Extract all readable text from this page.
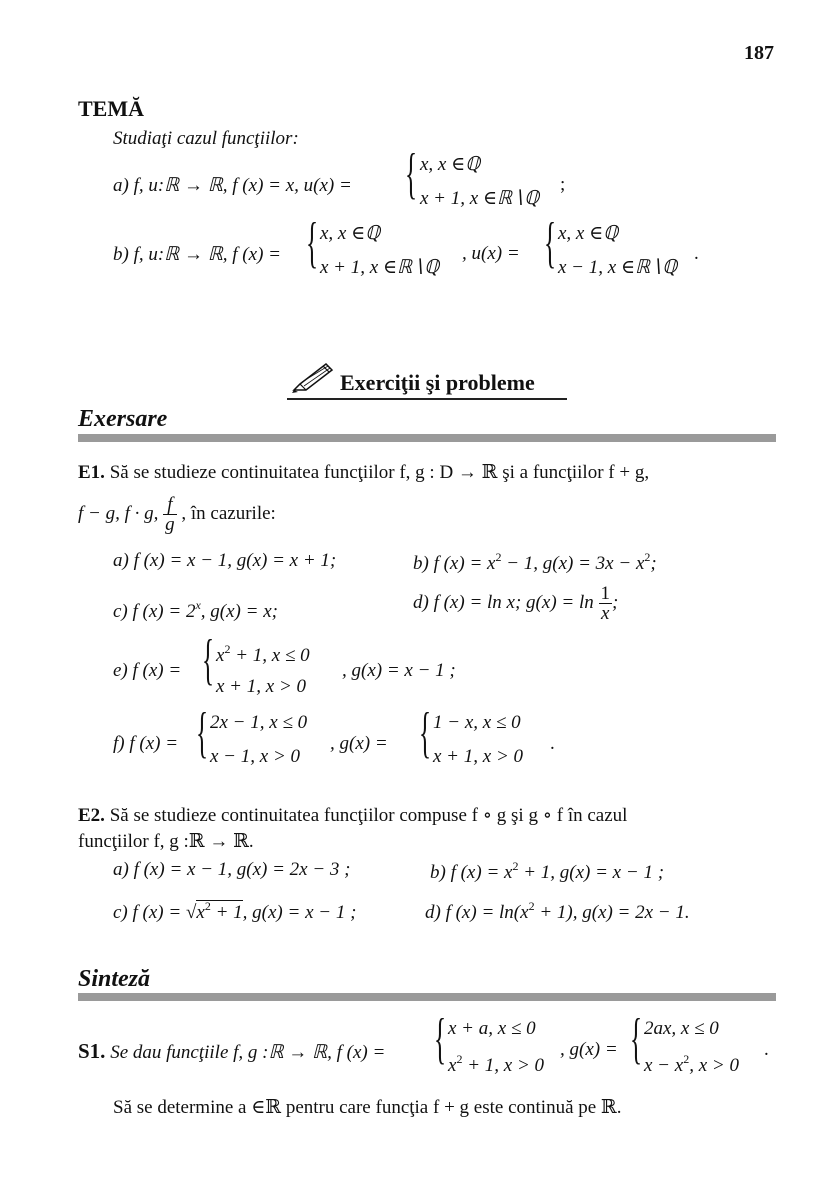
187
TEMĂ
Studiaţi cazul funcţiilor:
a) f, u:ℝ → ℝ, f (x) = x, u(x) = { x, x ∈ℚ
x + 1, x ∈ℝ∖ℚ
;
b) f, u:ℝ → ℝ, f (x) = { x, x ∈ℚ
x + 1, x ∈ℝ∖ℚ
, u(x) = { x, x ∈ℚ
x − 1, x ∈ℝ∖ℚ
.
Exerciţii şi probleme
Exersare
E1. Să se studieze continuitatea funcţiilor f, g : D → ℝ şi a funcţiilor f + g,
f − g, f · g, $\frac{f}{g}$ , în cazurile:
a) f (x) = x − 1, g(x) = x + 1;	b) f $(x) = x^2 - 1$, $g(x) = 3x - x^2$;
c) f $(x) = 2^x$, g(x) = x;	d) f (x) = ln x; $g(x) = \ln \frac{1}{x}$ ;
e) f (x) = { $x^2 + 1$, x ≤ 0
x + 1, x > 0
, g(x) = x − 1 ;
f) f (x) = { 2x − 1, x ≤ 0
x − 1, x > 0
, g(x) = { 1 − x, x ≤ 0
x + 1, x > 0
.
E2. Să se studieze continuitatea funcţiilor compuse f ∘ g şi g ∘ f în cazul
funcţiilor f, g :ℝ → ℝ.
a) f (x) = x − 1, g(x) = 2x − 3 ;	b) f $(x) = x^2 + 1$, g(x) = x − 1 ;
c) f $(x) = √x^2 + 1$, g(x) = x − 1 ;	d) f $(x) = \ln(x^2 + 1)$, g(x) = 2x − 1.
Sinteză
S1. Se dau funcţiile f, g :ℝ → ℝ, f (x) = { x + a, x ≤ 0
$x^2 + 1$, x > 0
, g(x) = { 2ax, x ≤ 0
$x - x^2$, x > 0
.
Să se determine a ∈ℝ pentru care funcţia f + g este continuă pe ℝ.
